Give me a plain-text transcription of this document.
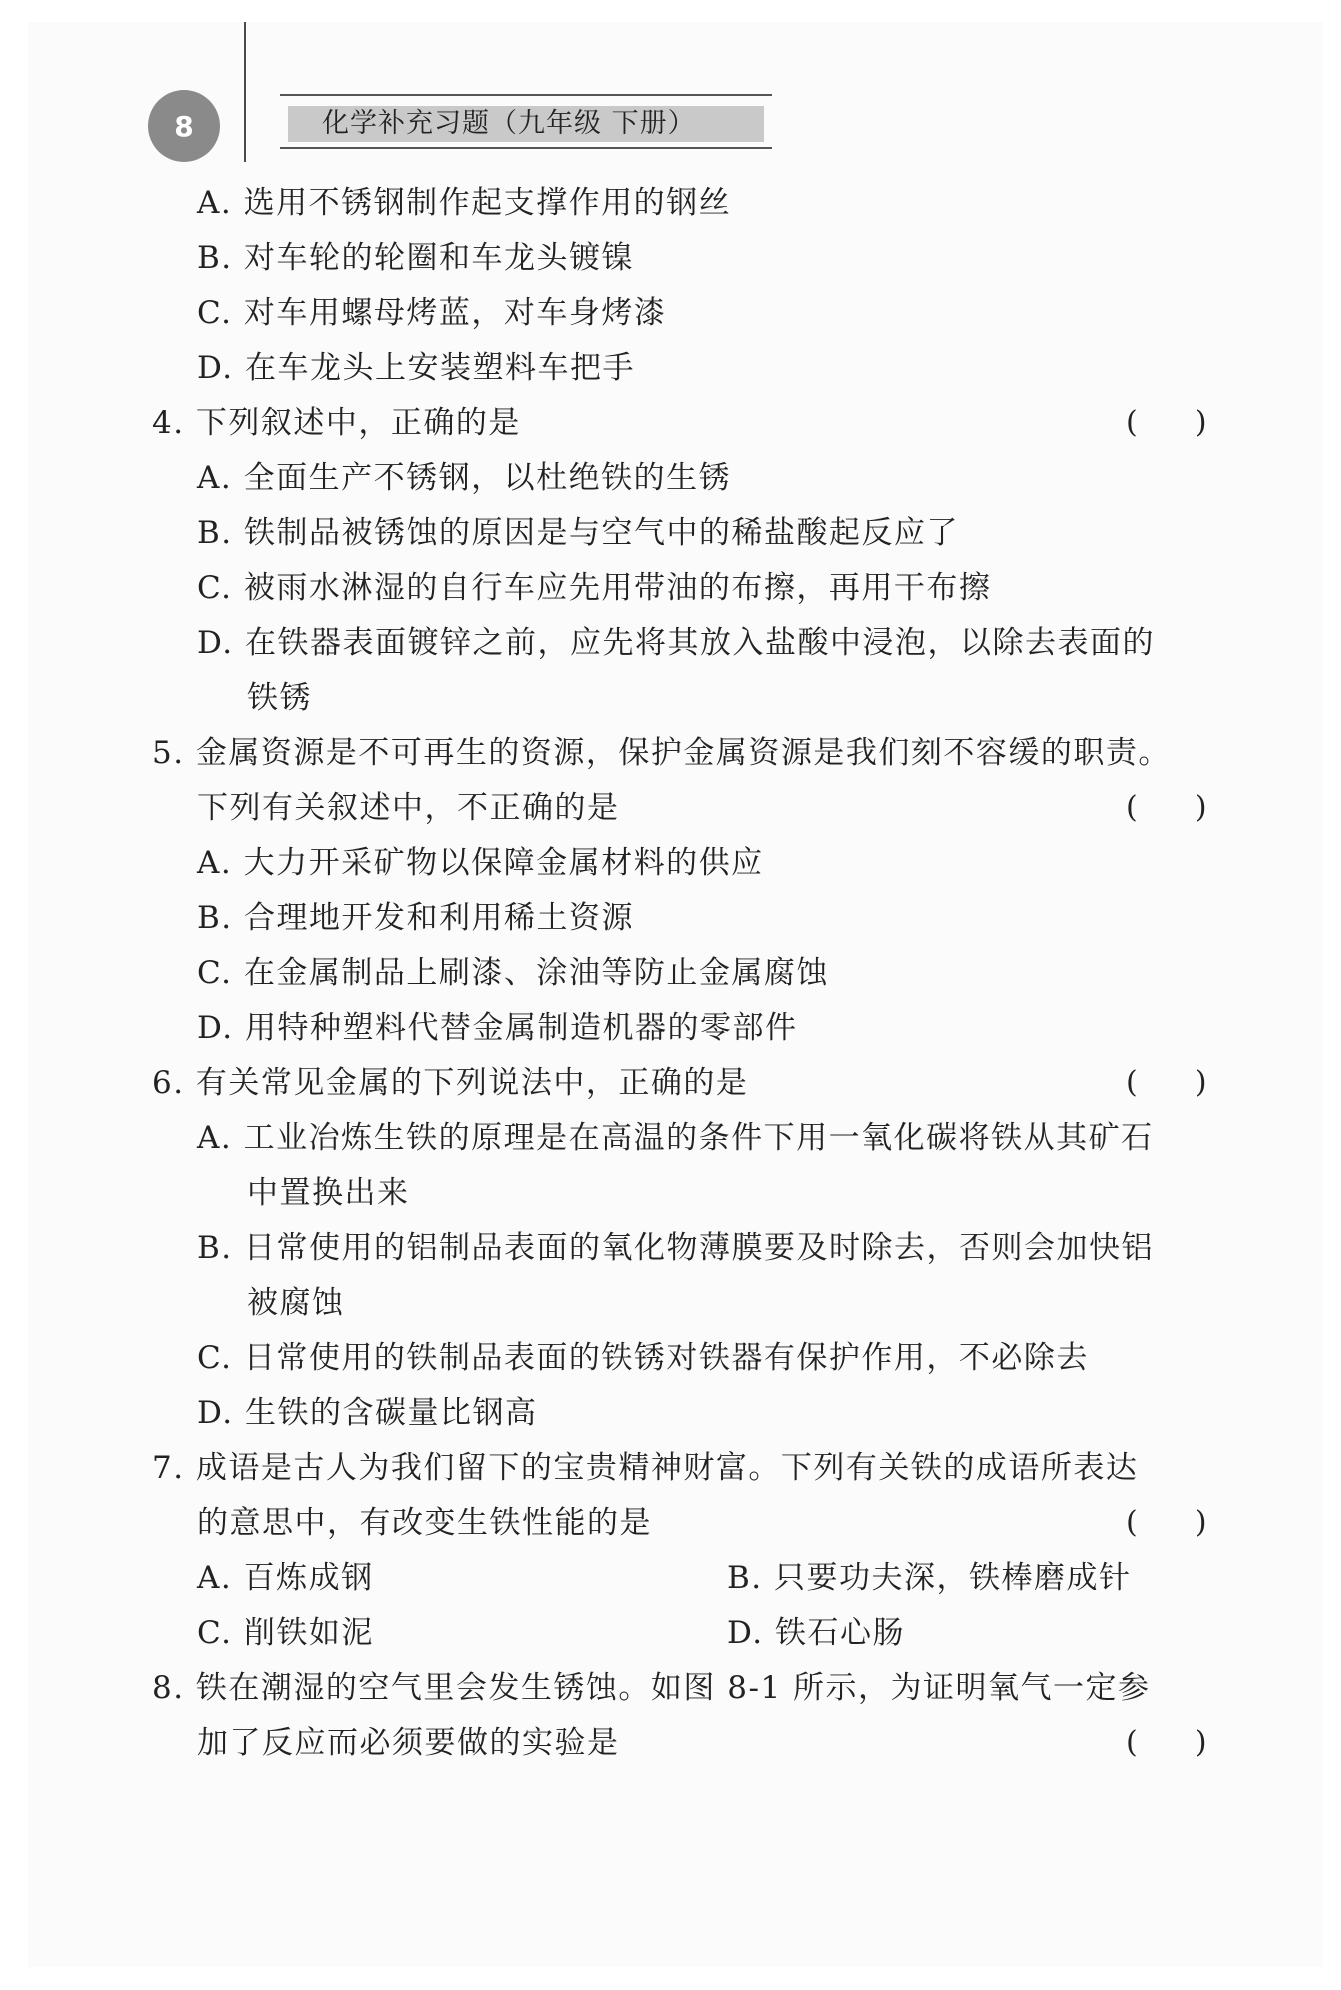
8	化学补充习题（九年级 下册）
A. 选用不锈钢制作起支撑作用的钢丝
B. 对车轮的轮圈和车龙头镀镍
C. 对车用螺母烤蓝，对车身烤漆
D. 在车龙头上安装塑料车把手
4. 下列叙述中，正确的是	(      )
A. 全面生产不锈钢，以杜绝铁的生锈
B. 铁制品被锈蚀的原因是与空气中的稀盐酸起反应了
C. 被雨水淋湿的自行车应先用带油的布擦，再用干布擦
D. 在铁器表面镀锌之前，应先将其放入盐酸中浸泡，以除去表面的
铁锈
5. 金属资源是不可再生的资源，保护金属资源是我们刻不容缓的职责。
下列有关叙述中，不正确的是	(      )
A. 大力开采矿物以保障金属材料的供应
B. 合理地开发和利用稀土资源
C. 在金属制品上刷漆、涂油等防止金属腐蚀
D. 用特种塑料代替金属制造机器的零部件
6. 有关常见金属的下列说法中，正确的是	(      )
A. 工业冶炼生铁的原理是在高温的条件下用一氧化碳将铁从其矿石
中置换出来
B. 日常使用的铝制品表面的氧化物薄膜要及时除去，否则会加快铝
被腐蚀
C. 日常使用的铁制品表面的铁锈对铁器有保护作用，不必除去
D. 生铁的含碳量比钢高
7. 成语是古人为我们留下的宝贵精神财富。下列有关铁的成语所表达
的意思中，有改变生铁性能的是	(      )
A. 百炼成钢	B. 只要功夫深，铁棒磨成针
C. 削铁如泥	D. 铁石心肠
8. 铁在潮湿的空气里会发生锈蚀。如图 8-1 所示，为证明氧气一定参
加了反应而必须要做的实验是	(      )
